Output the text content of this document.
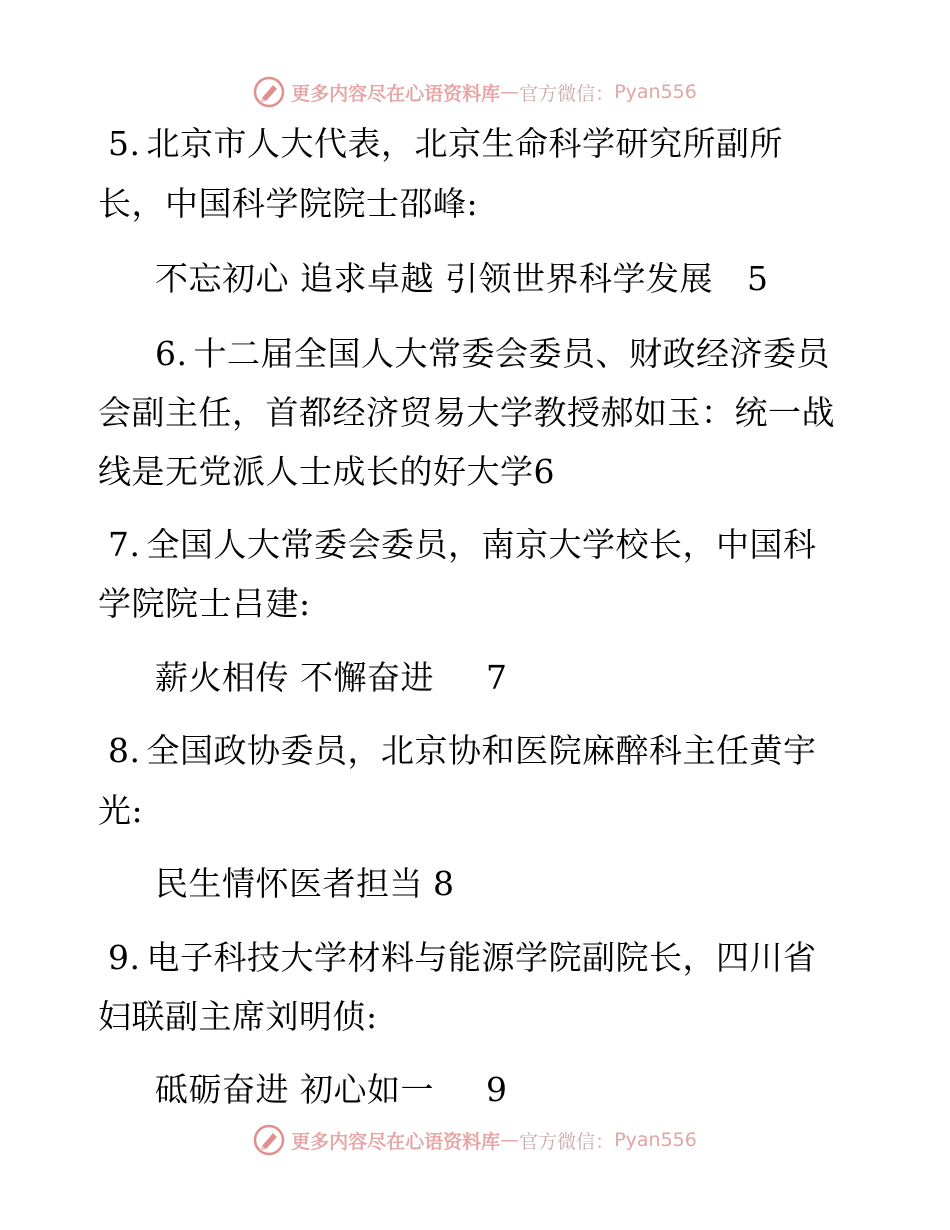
更多内容尽在心语资料库 — 官方微信： Pyan556
5. 北京市人大代表，北京生命科学研究所副所
长，中国科学院院士邵峰:
不忘初心 追求卓越 引领世界科学发展 5
6. 十二届全国人大常委会委员、财政经济委员
会副主任，首都经济贸易大学教授郝如玉：统一战
线是无党派人士成长的好大学6
7. 全国人大常委会委员，南京大学校长，中国科
学院院士吕建:
薪火相传 不懈奋进 7
8. 全国政协委员，北京协和医院麻醉科主任黄宇
光:
民生情怀医者担当 8
9. 电子科技大学材料与能源学院副院长，四川省
妇联副主席刘明侦:
砥砺奋进 初心如一 9
更多内容尽在心语资料库 — 官方微信： Pyan556
